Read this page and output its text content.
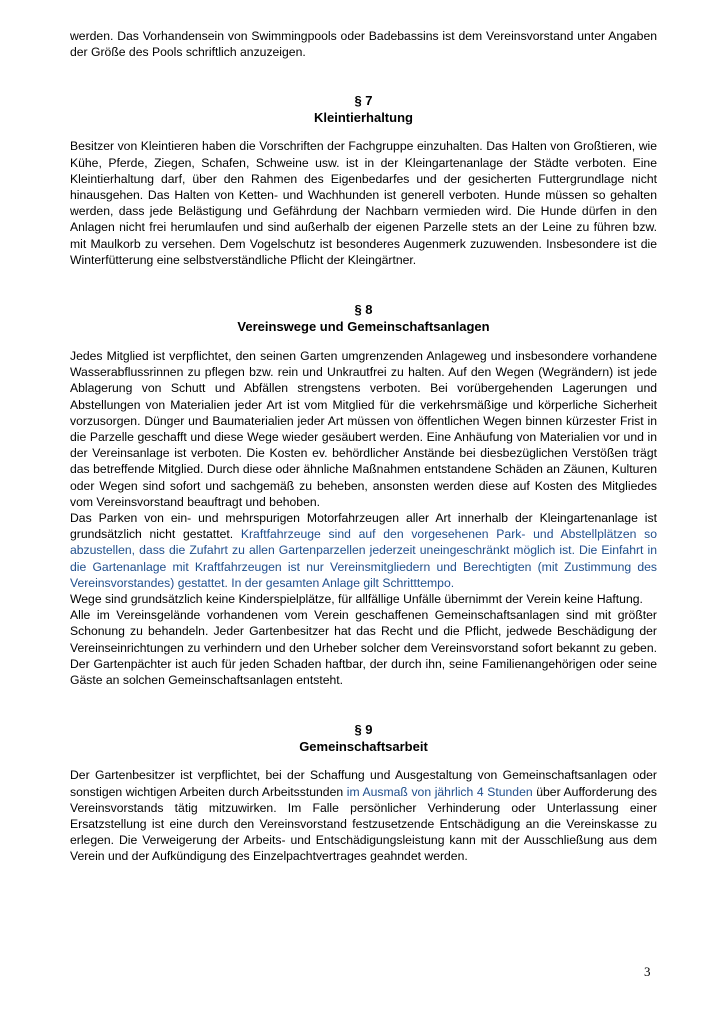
werden. Das Vorhandensein von Swimmingpools oder Badebassins ist dem Vereinsvorstand unter Angaben der Größe des Pools schriftlich anzuzeigen.

§ 7
Kleintierhaltung

Besitzer von Kleintieren haben die Vorschriften der Fachgruppe einzuhalten. Das Halten von Großtieren, wie Kühe, Pferde, Ziegen, Schafen, Schweine usw. ist in der Kleingartenanlage der Städte verboten. Eine Kleintierhaltung darf, über den Rahmen des Eigenbedarfes und der gesicherten Futtergrundlage nicht hinausgehen. Das Halten von Ketten- und Wachhunden ist generell verboten. Hunde müssen so gehalten werden, dass jede Belästigung und Gefährdung der Nachbarn vermieden wird. Die Hunde dürfen in den Anlagen nicht frei herumlaufen und sind außerhalb der eigenen Parzelle stets an der Leine zu führen bzw. mit Maulkorb zu versehen. Dem Vogelschutz ist besonderes Augenmerk zuzuwenden. Insbesondere ist die Winterfütterung eine selbstverständliche Pflicht der Kleingärtner.

§ 8
Vereinswege und Gemeinschaftsanlagen

Jedes Mitglied ist verpflichtet, den seinen Garten umgrenzenden Anlageweg und insbesondere vorhandene Wasserabflussrinnen zu pflegen bzw. rein und Unkrautfrei zu halten. Auf den Wegen (Wegrändern) ist jede Ablagerung von Schutt und Abfällen strengstens verboten. Bei vorübergehenden Lagerungen und Abstellungen von Materialien jeder Art ist vom Mitglied für die verkehrsmäßige und körperliche Sicherheit vorzusorgen. Dünger und Baumaterialien jeder Art müssen von öffentlichen Wegen binnen kürzester Frist in die Parzelle geschafft und diese Wege wieder gesäubert werden. Eine Anhäufung von Materialien vor und in der Vereinsanlage ist verboten. Die Kosten ev. behördlicher Anstände bei diesbezüglichen Verstößen trägt das betreffende Mitglied. Durch diese oder ähnliche Maßnahmen entstandene Schäden an Zäunen, Kulturen oder Wegen sind sofort und sachgemäß zu beheben, ansonsten werden diese auf Kosten des Mitgliedes vom Vereinsvorstand beauftragt und behoben.

Das Parken von ein- und mehrspurigen Motorfahrzeugen aller Art innerhalb der Kleingartenanlage ist grundsätzlich nicht gestattet. Kraftfahrzeuge sind auf den vorgesehenen Park- und Abstellplätzen so abzustellen, dass die Zufahrt zu allen Gartenparzellen jederzeit uneingeschränkt möglich ist. Die Einfahrt in die Gartenanlage mit Kraftfahrzeugen ist nur Vereinsmitgliedern und Berechtigten (mit Zustimmung des Vereinsvorstandes) gestattet. In der gesamten Anlage gilt Schritttempo.

Wege sind grundsätzlich keine Kinderspielplätze, für allfällige Unfälle übernimmt der Verein keine Haftung.

Alle im Vereinsgelände vorhandenen vom Verein geschaffenen Gemeinschaftsanlagen sind mit größter Schonung zu behandeln. Jeder Gartenbesitzer hat das Recht und die Pflicht, jedwede Beschädigung der Vereinseinrichtungen zu verhindern und den Urheber solcher dem Vereinsvorstand sofort bekannt zu geben. Der Gartenpächter ist auch für jeden Schaden haftbar, der durch ihn, seine Familienangehörigen oder seine Gäste an solchen Gemeinschaftsanlagen entsteht.

§ 9
Gemeinschaftsarbeit

Der Gartenbesitzer ist verpflichtet, bei der Schaffung und Ausgestaltung von Gemeinschaftsanlagen oder sonstigen wichtigen Arbeiten durch Arbeitsstunden im Ausmaß von jährlich 4 Stunden über Aufforderung des Vereinsvorstands tätig mitzuwirken. Im Falle persönlicher Verhinderung oder Unterlassung einer Ersatzstellung ist eine durch den Vereinsvorstand festzusetzende Entschädigung an die Vereinskasse zu erlegen. Die Verweigerung der Arbeits- und Entschädigungsleistung kann mit der Ausschließung aus dem Verein und der Aufkündigung des Einzelpachtvertrages geahndet werden.

3
